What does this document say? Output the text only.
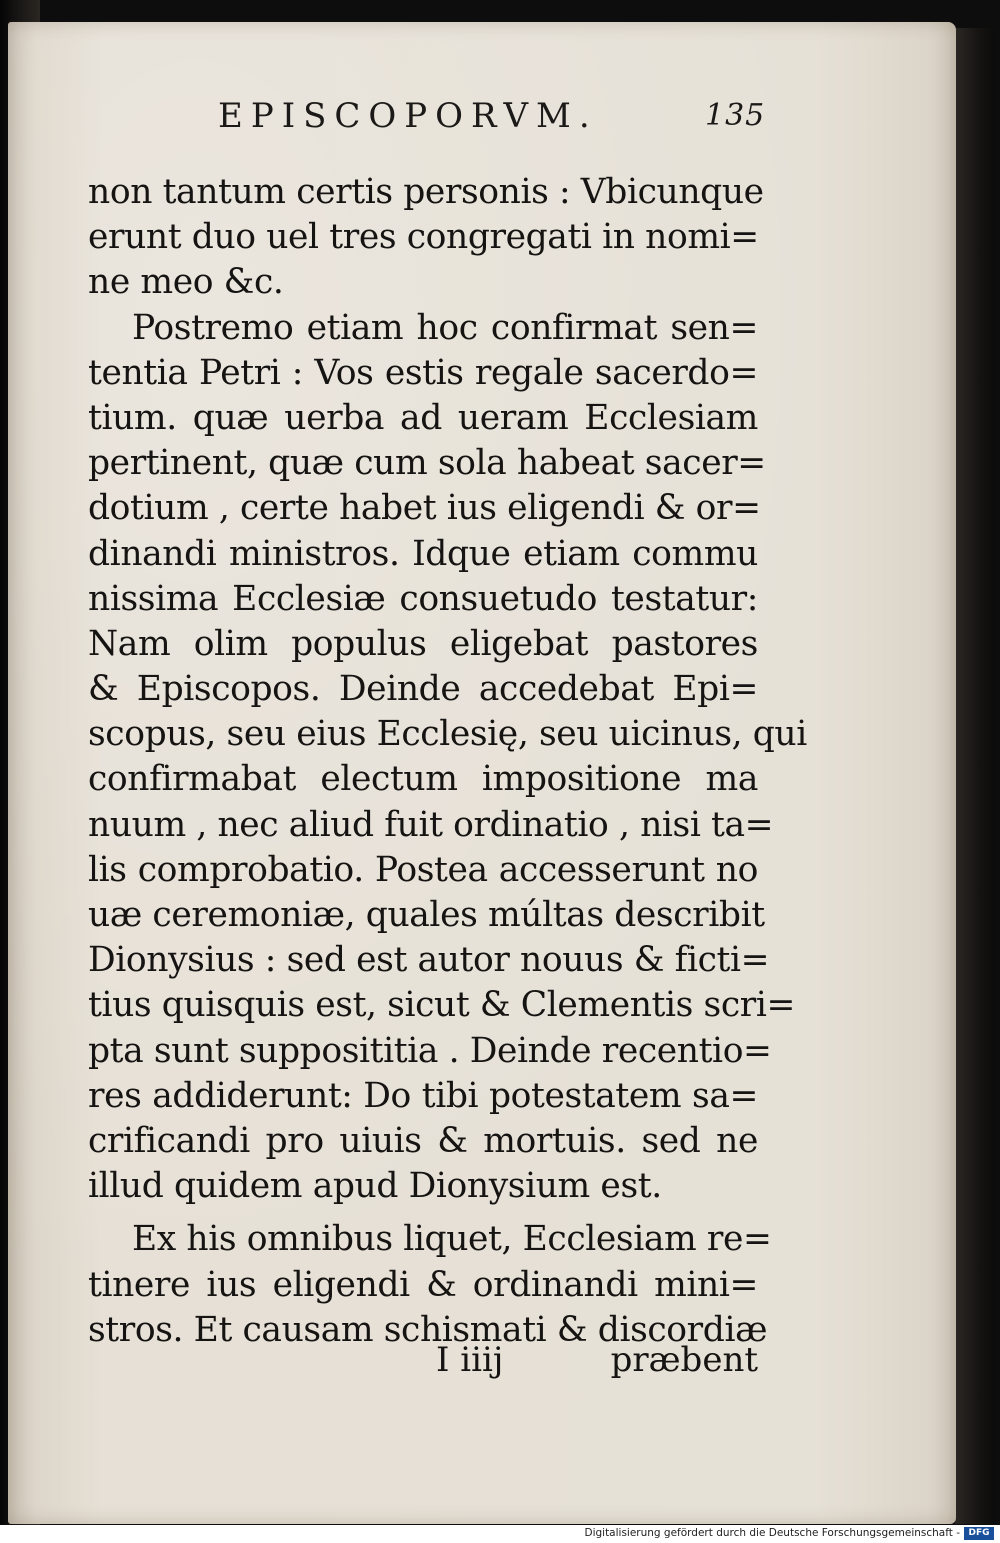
EPISCOPORVM.	135
non tantum certis personis : Vbicunque
erunt duo uel tres congregati in nomi=
ne meo &c.
Postremo etiam hoc confirmat sen=
tentia Petri : Vos estis regale sacerdo=
tium. quæ uerba ad ueram Ecclesiam
pertinent, quæ cum sola habeat sacer=
dotium , certe habet ius eligendi & or=
dinandi ministros. Idque etiam commu
nissima Ecclesiæ consuetudo testatur:
Nam olim populus eligebat pastores
& Episcopos. Deinde accedebat Epi=
scopus, seu eius Ecclesię, seu uicinus, qui
confirmabat electum impositione ma
nuum , nec aliud fuit ordinatio , nisi ta=
lis comprobatio. Postea accesserunt no
uæ ceremoniæ, quales múltas describit
Dionysius : sed est autor nouus & ficti=
tius quisquis est, sicut & Clementis scri=
pta sunt supposititia . Deinde recentio=
res addiderunt: Do tibi potestatem sa=
crificandi pro uiuis & mortuis. sed ne
illud quidem apud Dionysium est.
Ex his omnibus liquet, Ecclesiam re=
tinere ius eligendi & ordinandi mini=
stros. Et causam schismati & discordiæ
I iiij	præbent
Digitalisierung gefördert durch die Deutsche Forschungsgemeinschaft - DFG
